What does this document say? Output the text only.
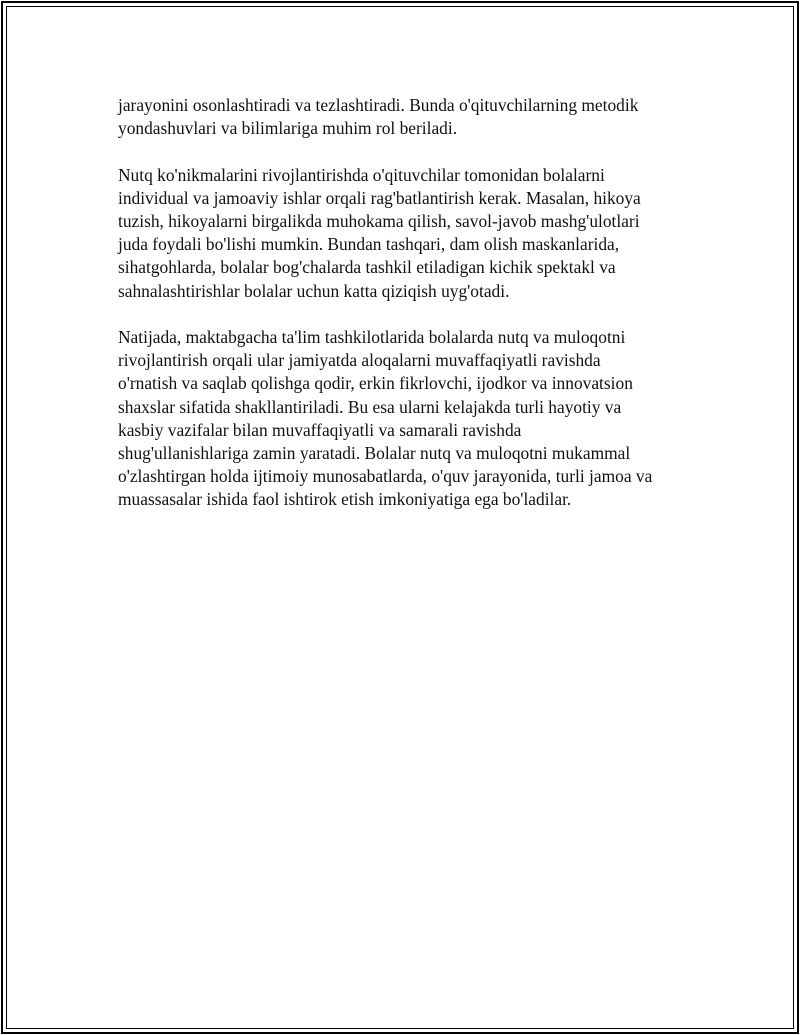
jarayonini osonlashtiradi va tezlashtiradi. Bunda o'qituvchilarning metodik
yondashuvlari va bilimlariga muhim rol beriladi.

Nutq ko'nikmalarini rivojlantirishda o'qituvchilar tomonidan bolalarni
individual va jamoaviy ishlar orqali rag'batlantirish kerak. Masalan, hikoya
tuzish, hikoyalarni birgalikda muhokama qilish, savol-javob mashg'ulotlari
juda foydali bo'lishi mumkin. Bundan tashqari, dam olish maskanlarida,
sihatgohlarda, bolalar bog'chalarda tashkil etiladigan kichik spektakl va
sahnalashtirishlar bolalar uchun katta qiziqish uyg'otadi.

Natijada, maktabgacha ta'lim tashkilotlarida bolalarda nutq va muloqotni
rivojlantirish orqali ular jamiyatda aloqalarni muvaffaqiyatli ravishda
o'rnatish va saqlab qolishga qodir, erkin fikrlovchi, ijodkor va innovatsion
shaxslar sifatida shakllantiriladi. Bu esa ularni kelajakda turli hayotiy va
kasbiy vazifalar bilan muvaffaqiyatli va samarali ravishda
shug'ullanishlariga zamin yaratadi. Bolalar nutq va muloqotni mukammal
o'zlashtirgan holda ijtimoiy munosabatlarda, o'quv jarayonida, turli jamoa va
muassasalar ishida faol ishtirok etish imkoniyatiga ega bo'ladilar.
